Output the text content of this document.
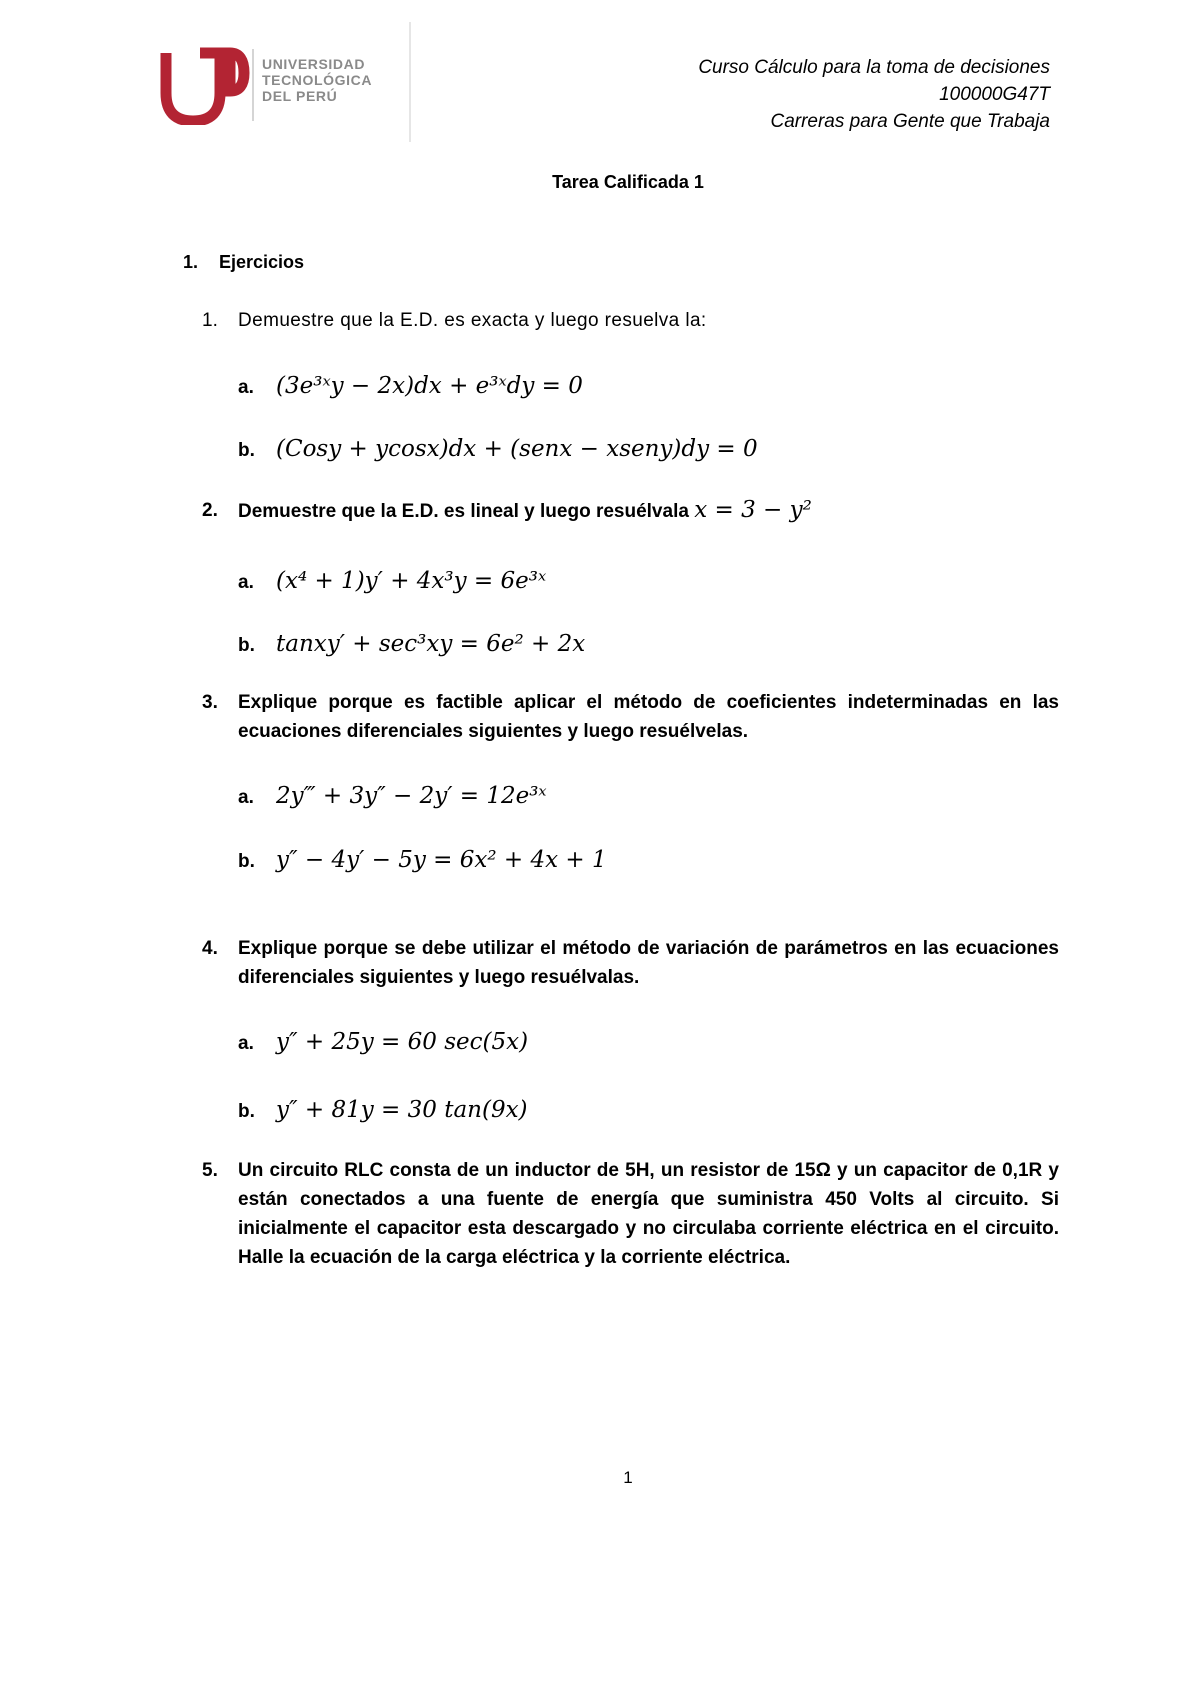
UNIVERSIDAD
TECNOLÓGICA
DEL PERÚ
Curso Cálculo para la toma de decisiones
100000G47T
Carreras para Gente que Trabaja
Tarea Calificada 1
1. Ejercicios
1. Demuestre que la E.D. es exacta y luego resuelva la:
a. (3e³ˣy − 2x)dx + e³ˣdy = 0
b. (Cosy + ycosx)dx + (senx − xseny)dy = 0
2. Demuestre que la E.D. es lineal y luego resuélvala x = 3 − y²
a. (x⁴ + 1)y′ + 4x³y = 6e³ˣ
b. tanxy′ + sec³xy = 6e² + 2x
3. Explique porque es factible aplicar el método de coeficientes indeterminadas en las ecuaciones diferenciales siguientes y luego resuélvelas.
a. 2y‴ + 3y″ − 2y′ = 12e³ˣ
b. y″ − 4y′ − 5y = 6x² + 4x + 1
4. Explique porque se debe utilizar el método de variación de parámetros en las ecuaciones diferenciales siguientes y luego resuélvalas.
a. y″ + 25y = 60 sec(5x)
b. y″ + 81y = 30 tan(9x)
5. Un circuito RLC consta de un inductor de 5H, un resistor de 15Ω y un capacitor de 0,1R y están conectados a una fuente de energía que suministra 450 Volts al circuito. Si inicialmente el capacitor esta descargado y no circulaba corriente eléctrica en el circuito. Halle la ecuación de la carga eléctrica y la corriente eléctrica.
1
